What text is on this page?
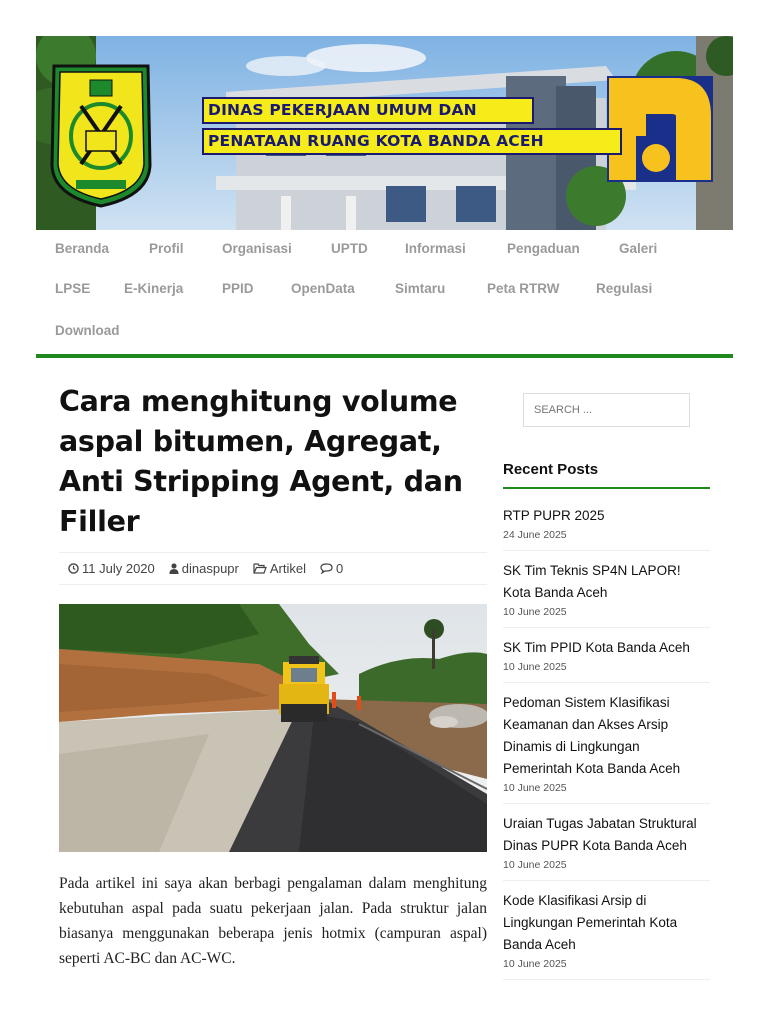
DINAS PEKERJAAN UMUM DAN
PENATAAN RUANG KOTA BANDA ACEH
Beranda	Profil	Organisasi	UPTD	Informasi	Pengaduan	Galeri
LPSE E-Kinerja	PPID	OpenData	Simtaru	Peta RTRW	Regulasi
Download
Cara menghitung volume aspal bitumen, Agregat, Anti Stripping Agent, dan Filler
11 July 2020 dinaspupr Artikel 0

Pada artikel ini saya akan berbagi pengalaman dalam menghitung kebutuhan aspal pada suatu pekerjaan jalan. Pada struktur jalan biasanya menggunakan beberapa jenis hotmix (campuran aspal) seperti AC-BC dan AC-WC.

SEARCH ...
Recent Posts
RTP PUPR 2025
24 June 2025
SK Tim Teknis SP4N LAPOR! Kota Banda Aceh
10 June 2025
SK Tim PPID Kota Banda Aceh
10 June 2025
Pedoman Sistem Klasifikasi Keamanan dan Akses Arsip Dinamis di Lingkungan Pemerintah Kota Banda Aceh
10 June 2025
Uraian Tugas Jabatan Struktural Dinas PUPR Kota Banda Aceh
10 June 2025
Kode Klasifikasi Arsip di Lingkungan Pemerintah Kota Banda Aceh
10 June 2025
